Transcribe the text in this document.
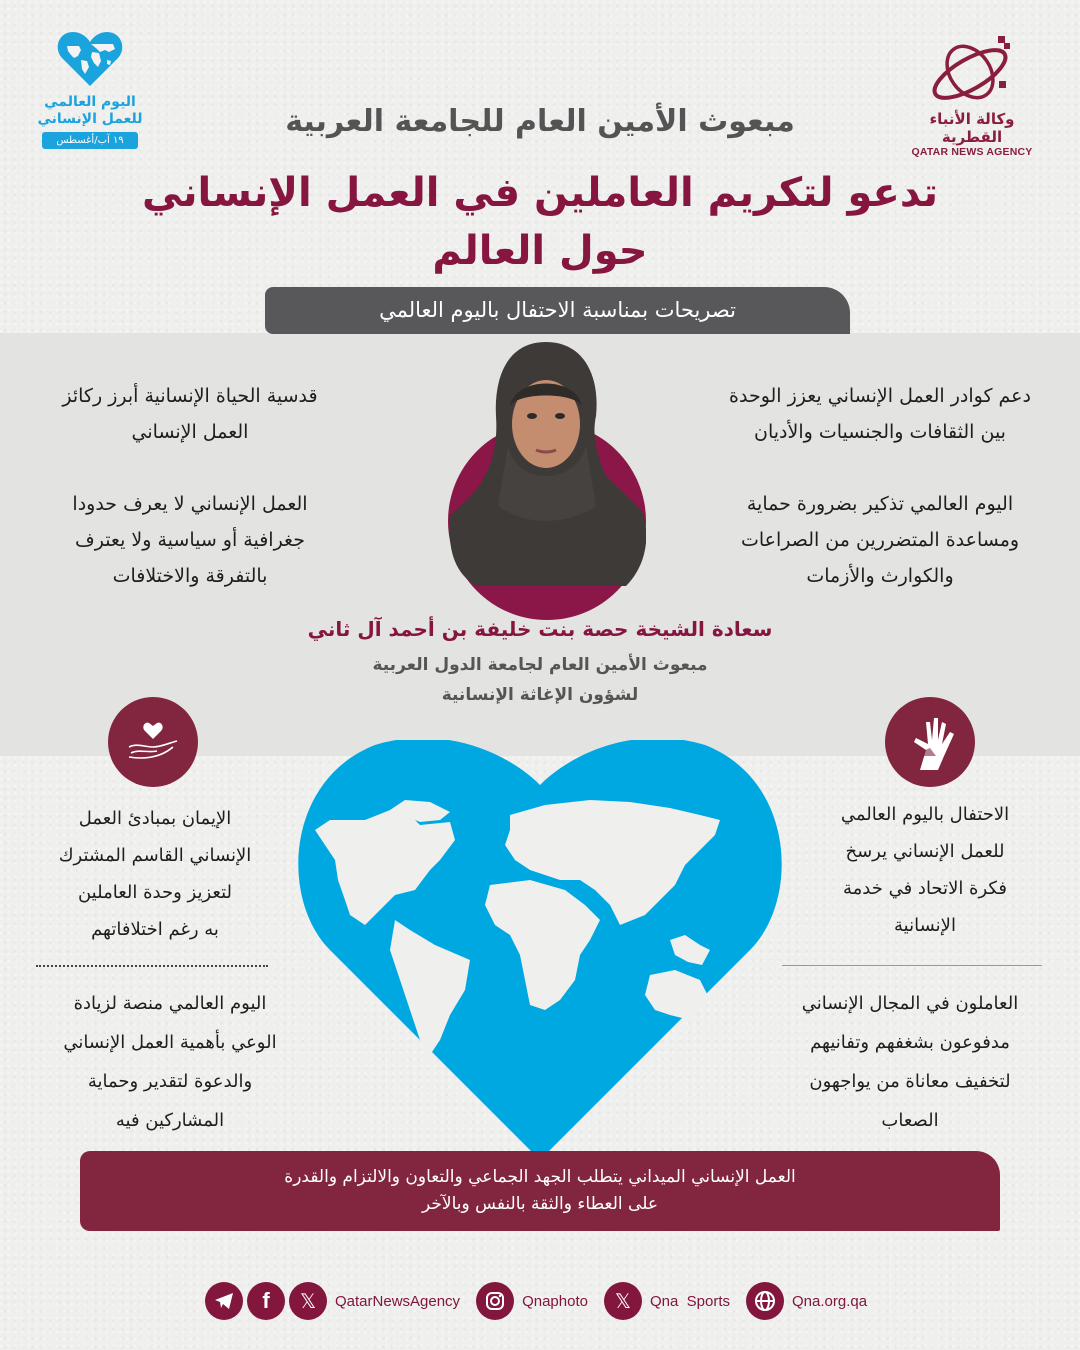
اليوم العالمي
للعمل الإنساني
١٩ آب/أغسطس
وكالة الأنباء القطرية
QATAR NEWS AGENCY
مبعوث الأمين العام للجامعة العربية
تدعو لتكريم العاملين في العمل الإنساني
حول العالم
تصريحات بمناسبة الاحتفال باليوم العالمي
دعم كوادر العمل الإنساني يعزز الوحدة
بين الثقافات والجنسيات والأديان
اليوم العالمي تذكير بضرورة حماية
ومساعدة المتضررين من الصراعات
والكوارث والأزمات
قدسية الحياة الإنسانية أبرز ركائز
العمل الإنساني
العمل الإنساني لا يعرف حدودا
جغرافية أو سياسية ولا يعترف
بالتفرقة والاختلافات
سعادة الشيخة حصة بنت خليفة بن أحمد آل ثاني
مبعوث الأمين العام لجامعة الدول العربية
لشؤون الإغاثة الإنسانية
الإيمان بمبادئ العمل
الإنساني القاسم المشترك
لتعزيز وحدة العاملين
به رغم اختلافاتهم
الاحتفال باليوم العالمي
للعمل الإنساني يرسخ
فكرة الاتحاد في خدمة
الإنسانية
اليوم العالمي منصة لزيادة
الوعي بأهمية العمل الإنساني
والدعوة لتقدير وحماية
المشاركين فيه
العاملون في المجال الإنساني
مدفوعون بشغفهم وتفانيهم
لتخفيف معاناة من يواجهون
الصعاب
العمل الإنساني الميداني يتطلب الجهد الجماعي والتعاون والالتزام والقدرة
على العطاء والثقة بالنفس وبالآخر
f 𝕏 QatarNewsAgency	Qnaphoto 𝕏 Qna  Sports	Qna.org.qa
